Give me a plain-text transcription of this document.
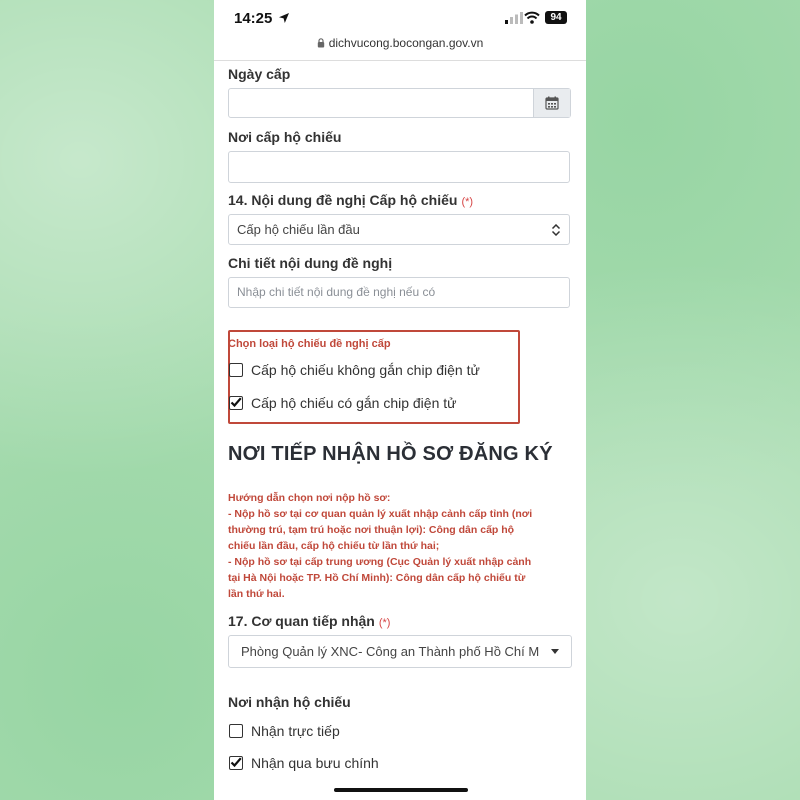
14:25	94
dichvucong.bocongan.gov.vn
Ngày cấp
Nơi cấp hộ chiếu
14. Nội dung đề nghị Cấp hộ chiếu (*)
Cấp hộ chiếu lần đầu
Chi tiết nội dung đề nghị
Nhập chi tiết nội dung đề nghị nếu có
Chọn loại hộ chiếu đề nghị cấp
Cấp hộ chiếu không gắn chip điện tử
Cấp hộ chiếu có gắn chip điện tử
NƠI TIẾP NHẬN HỒ SƠ ĐĂNG KÝ
Hướng dẫn chọn nơi nộp hồ sơ:
- Nộp hồ sơ tại cơ quan quản lý xuất nhập cảnh cấp tỉnh (nơi
thường trú, tạm trú hoặc nơi thuận lợi): Công dân cấp hộ
chiếu lần đầu, cấp hộ chiếu từ lần thứ hai;
- Nộp hồ sơ tại cấp trung ương (Cục Quản lý xuất nhập cảnh
tại Hà Nội hoặc TP. Hồ Chí Minh): Công dân cấp hộ chiếu từ
lần thứ hai.
17. Cơ quan tiếp nhận (*)
Phòng Quản lý XNC- Công an Thành phố Hồ Chí M
Nơi nhận hộ chiếu
Nhận trực tiếp
Nhận qua bưu chính
